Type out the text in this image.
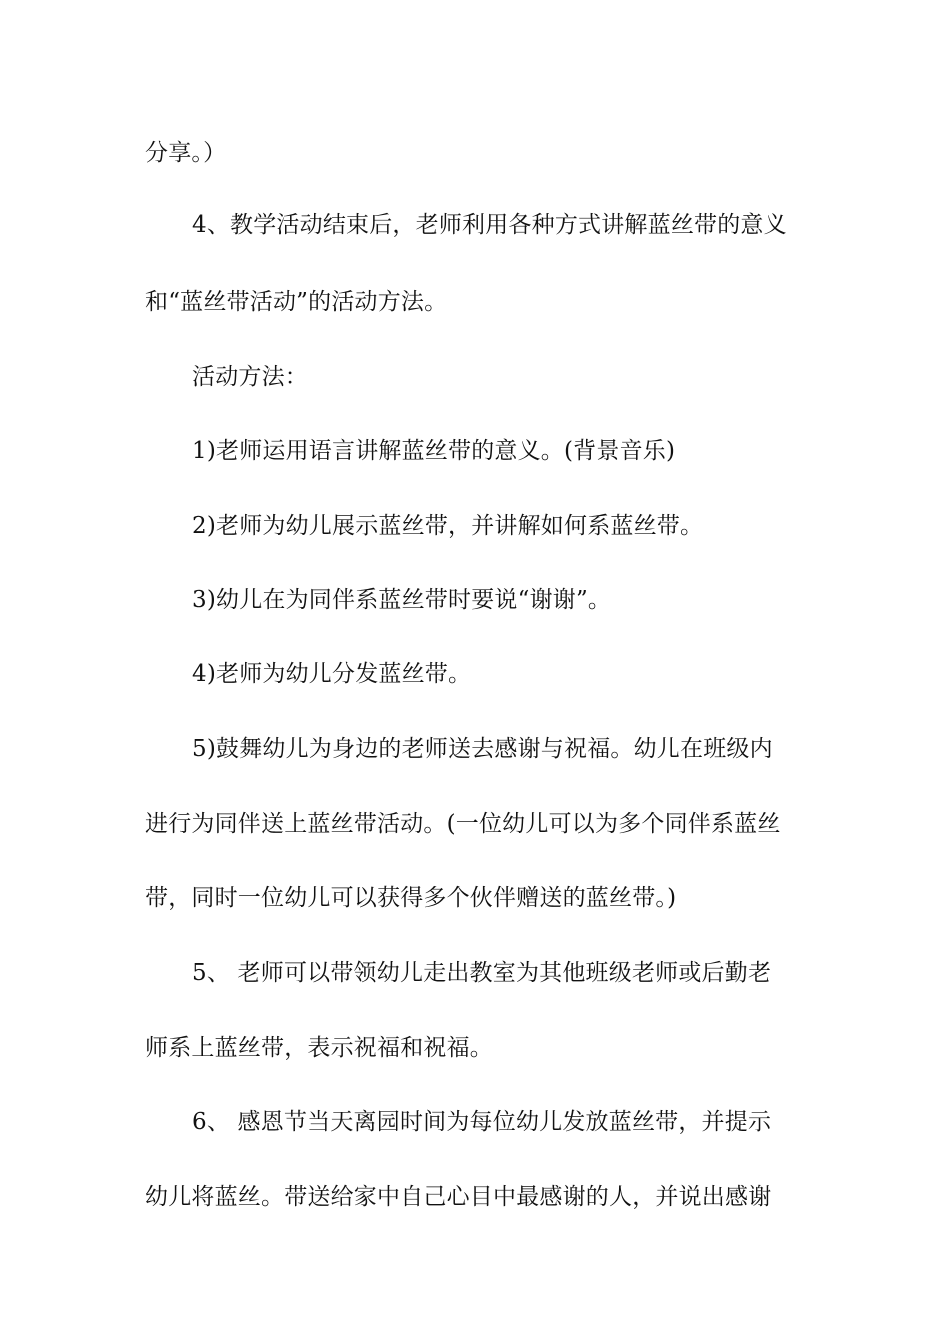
分享。）
4、教学活动结束后，老师利用各种方式讲解蓝丝带的意义
和“蓝丝带活动”的活动方法。
活动方法：
1)老师运用语言讲解蓝丝带的意义。(背景音乐)
2)老师为幼儿展示蓝丝带，并讲解如何系蓝丝带。
3)幼儿在为同伴系蓝丝带时要说“谢谢”。
4)老师为幼儿分发蓝丝带。
5)鼓舞幼儿为身边的老师送去感谢与祝福。幼儿在班级内
进行为同伴送上蓝丝带活动。(一位幼儿可以为多个同伴系蓝丝
带，同时一位幼儿可以获得多个伙伴赠送的蓝丝带。)
5、 老师可以带领幼儿走出教室为其他班级老师或后勤老
师系上蓝丝带，表示祝福和祝福。
6、 感恩节当天离园时间为每位幼儿发放蓝丝带，并提示
幼儿将蓝丝。带送给家中自己心目中最感谢的人，并说出感谢
